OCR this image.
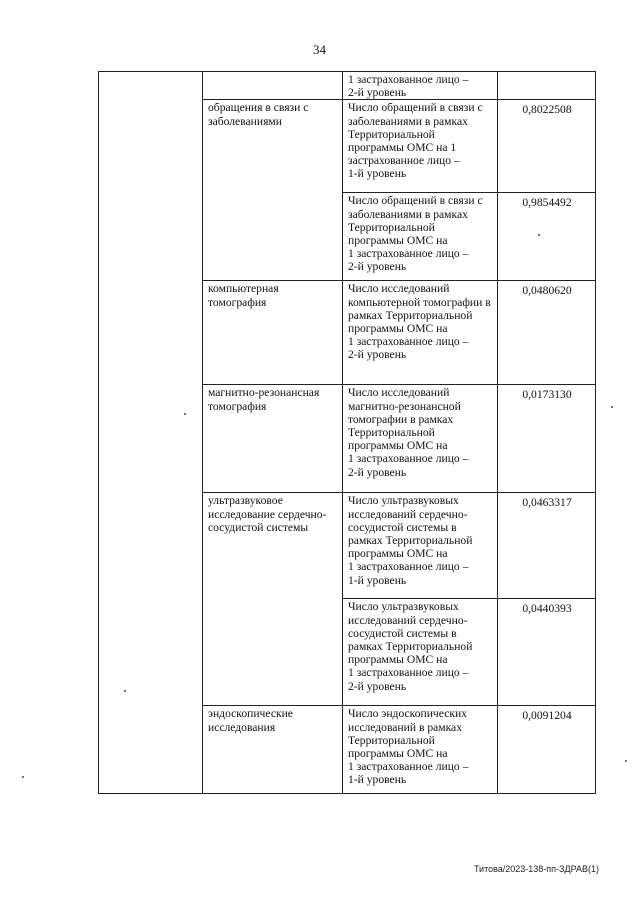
34
		1 застрахованное лицо –
2-й уровень	
	обращения в связи с заболеваниями	Число обращений в связи с заболеваниями в рамках Территориальной программы ОМС на 1 застрахованное лицо –
1-й уровень	0,8022508
		Число обращений в связи с заболеваниями в рамках Территориальной программы ОМС на
1 застрахованное лицо –
2-й уровень	0,9854492
	компьютерная томография	Число исследований компьютерной томографии в рамках Территориальной программы ОМС на
1 застрахованное лицо –
2-й уровень	0,0480620
	магнитно-резонансная томография	Число исследований магнитно-резонансной томографии в рамках Территориальной программы ОМС на
1 застрахованное лицо –
2-й уровень	0,0173130
	ультразвуковое исследование сердечно-сосудистой системы	Число ультразвуковых исследований сердечно-сосудистой системы в рамках Территориальной программы ОМС на
1 застрахованное лицо –
1-й уровень	0,0463317
		Число ультразвуковых исследований сердечно-сосудистой системы в рамках Территориальной программы ОМС на
1 застрахованное лицо –
2-й уровень	0,0440393
	эндоскопические исследования	Число эндоскопических исследований в рамках Территориальной программы ОМС на
1 застрахованное лицо –
1-й уровень	0,0091204
Титова/2023-138-пп-ЗДРАВ(1)
